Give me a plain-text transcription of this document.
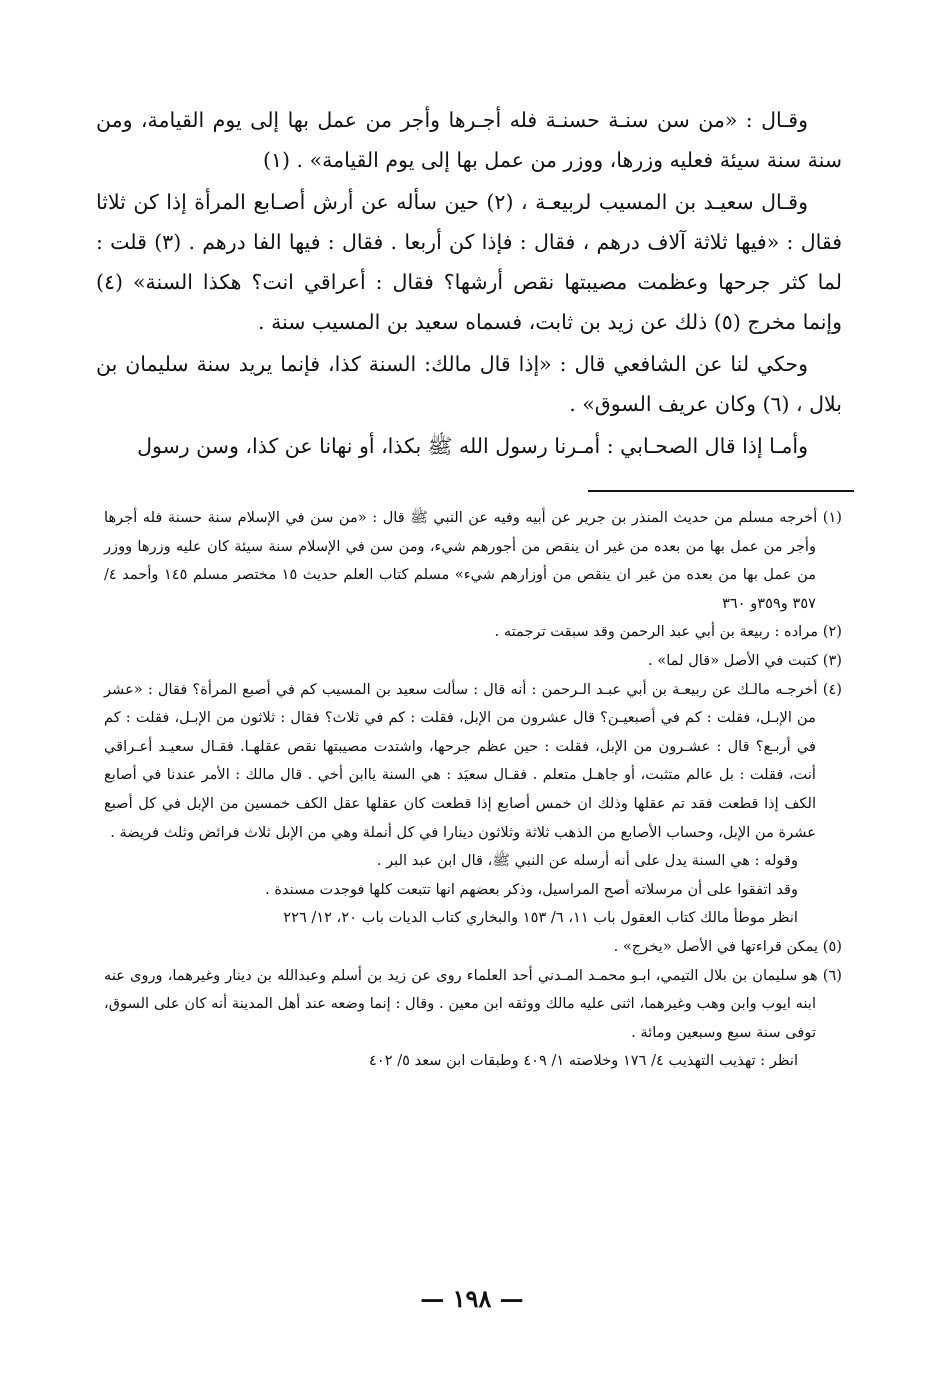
وقـال : «من سن سنـة حسنـة فله أجـرها وأجر من عمل بها إلى يوم القيامة، ومن سنة سنة سيئة فعليه وزرها، ووزر من عمل بها إلى يوم القيامة» . (١)

وقـال سعيـد بن المسيب لربيعـة ، (٢) حين سأله عن أرش أصـابع المرأة إذا كن ثلاثا فقال : «فيها ثلاثة آلاف درهم ، فقال : فإذا كن أربعا . فقال : فيها الفا درهم . (٣) قلت : لما كثر جرحها وعظمت مصيبتها نقص أرشها؟ فقال : أعراقي انت؟ هكذا السنة» (٤) وإنما مخرج (٥) ذلك عن زيد بن ثابت، فسماه سعيد بن المسيب سنة .

وحكي لنا عن الشافعي قال : «إذا قال مالك: السنة كذا، فإنما يريد سنة سليمان بن بلال ، (٦) وكان عريف السوق» .

وأمـا إذا قال الصحـابي : أمـرنا رسول الله ﷺ بكذا، أو نهانا عن كذا، وسن رسول

(١) أخرجه مسلم من حديث المنذر بن جرير عن أبيه وفيه عن النبي ﷺ قال : «من سن في الإسلام سنة حسنة فله أجرها وأجر من عمل بها من بعده من غير ان ينقص من أجورهم شيء، ومن سن في الإسلام سنة سيئة كان عليه وزرها ووزر من عمل بها من بعده من غير ان ينقص من أوزارهم شيء» مسلم كتاب العلم حديث ١٥ مختصر مسلم ١٤٥ وأحمد ٤/ ٣٥٧ و٣٥٩و ٣٦٠

(٢) مراده : ربيعة بن أبي عبد الرحمن وقد سبقت ترجمته .

(٣) كتبت في الأصل «قال لما» .

(٤) أخرجـه مالـك عن ربيعـة بن أبي عبـد الـرحمن : أنه قال : سألت سعيد بن المسيب كم في أصبع المرأة؟ فقال : «عشر من الإبـل، فقلت : كم في أصبعيـن؟ قال عشرون من الإبل، فقلت : كم في ثلاث؟ فقال : ثلاثون من الإبـل، فقلت : كم في أربـع؟ قال : عشـرون من الإبل، فقلت : حين عظم جرحها، واشتدت مصيبتها نقص عقلهـا. فقـال سعيـد أعـراقي أنت، فقلت : بل عالم متثبت، أو جاهـل متعلم . فقـال سعيَد : هي السنة ياابن أخي . قال مالك : الأمر عندنا في أصابع الكف إذا قطعت فقد تم عقلها وذلك ان خمس أصابع إذا قطعت كان عقلها عقل الكف خمسين من الإبل في كل أصبع عشرة من الإبل، وحساب الأصابع من الذهب ثلاثة وثلاثون دينارا في كل أنملة وهي من الإبل ثلاث فرائض وثلث فريضة .

وقوله : هي السنة يدل على أنه أرسله عن النبي ﷺ، قال ابن عبد البر .

وقد اتفقوا على أن مرسلاته أصح المراسيل، وذكر بعضهم انها تتبعت كلها فوجدت مسندة .

انظر موطأ مالك كتاب العقول باب ١١، ٦/ ١٥٣ والبخاري كتاب الديات باب ٢٠، ١٢/ ٢٢٦

(٥) يمكن قراءتها في الأصل «يخرج» .

(٦) هو سليمان بن بلال التيمي، ابـو محمـد المـدني أحد العلماء روى عن زيد بن أسلم وعبدالله بن دينار وغيرهما، وروى عنه ابنه ايوب وابن وهب وغيرهما، اثنى عليه مالك ووثقه ابن معين . وقال : إنما وضعه عند أهل المدينة أنه كان على السوق، توفى سنة سبع وسبعين ومائة .

انظر : تهذيب التهذيب ٤/ ١٧٦ وخلاصته ١/ ٤٠٩ وطبقات ابن سعد ٥/ ٤٠٢

— ١٩٨ —
